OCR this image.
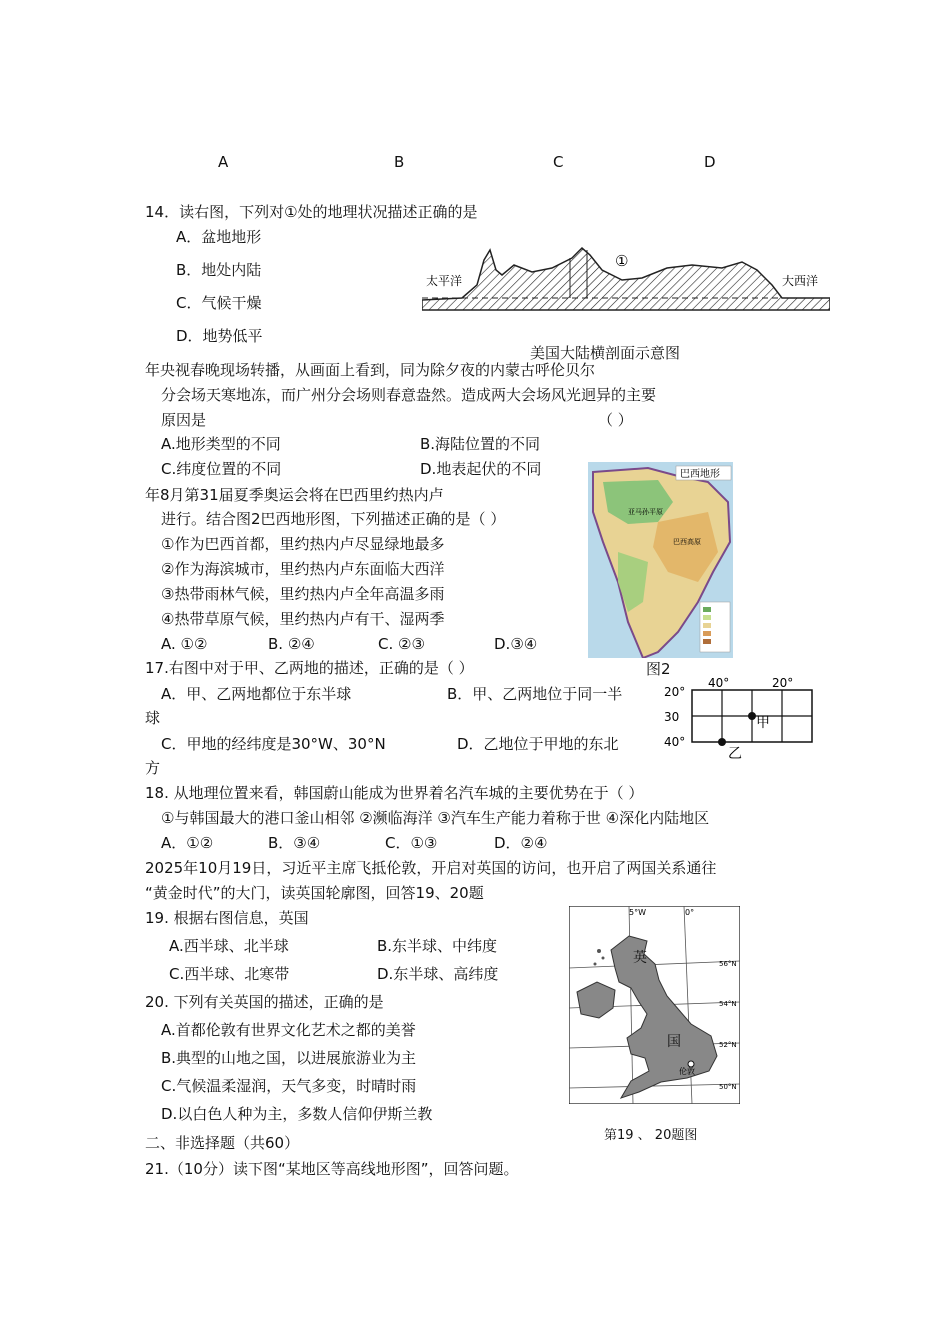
A	B	C	D
14．读右图，下列对①处的地理状况描述正确的是
A．盆地地形
B．地处内陆
C．气候干燥
D．地势低平
太平洋	大西洋
①
美国大陆横剖面示意图
年央视春晚现场转播，从画面上看到，同为除夕夜的内蒙古呼伦贝尔
分会场天寒地冻，而广州分会场则春意盎然。造成两大会场风光迥异的主要
原因是	（ ）
A.地形类型的不同	B.海陆位置的不同
C.纬度位置的不同	D.地表起伏的不同	巴西地形
亚马孙平原
巴西高原
图2
年8月第31届夏季奥运会将在巴西里约热内卢
进行。结合图2巴西地形图，下列描述正确的是（ ）
①作为巴西首都，里约热内卢尽显绿地最多
②作为海滨城市，里约热内卢东面临大西洋
③热带雨林气候，里约热内卢全年高温多雨
④热带草原气候，里约热内卢有干、湿两季
A. ①②	B. ②④	C. ②③	D.③④
17.右图中对于甲、乙两地的描述，正确的是（ ）
A．甲、乙两地都位于东半球	B．甲、乙两地位于同一半
球
C．甲地的经纬度是30°W、30°N	D．乙地位于甲地的东北
方
40°	20°
20°
30
40°
甲
乙
18. 从地理位置来看，韩国蔚山能成为世界着名汽车城的主要优势在于（ ）
①与韩国最大的港口釜山相邻 ②濒临海洋 ③汽车生产能力着称于世 ④深化内陆地区
A．①②	B．③④	C．①③	D．②④
2025年10月19日，习近平主席飞抵伦敦，开启对英国的访问，也开启了两国关系通往
“黄金时代”的大门，读英国轮廓图，回答19、20题
19. 根据右图信息，英国
A.西半球、北半球	B.东半球、中纬度
C.西半球、北寒带	D.东半球、高纬度
20. 下列有关英国的描述，正确的是
A.首都伦敦有世界文化艺术之都的美誉
B.典型的山地之国，以进展旅游业为主
C.气候温柔湿润，天气多变，时晴时雨
D.以白色人种为主，多数人信仰伊斯兰教
英
国
伦敦
5°W	0°
56°N
54°N
52°N
50°N
第19 、 20题图
二、非选择题（共60）
21.（10分）读下图“某地区等高线地形图”，回答问题。
